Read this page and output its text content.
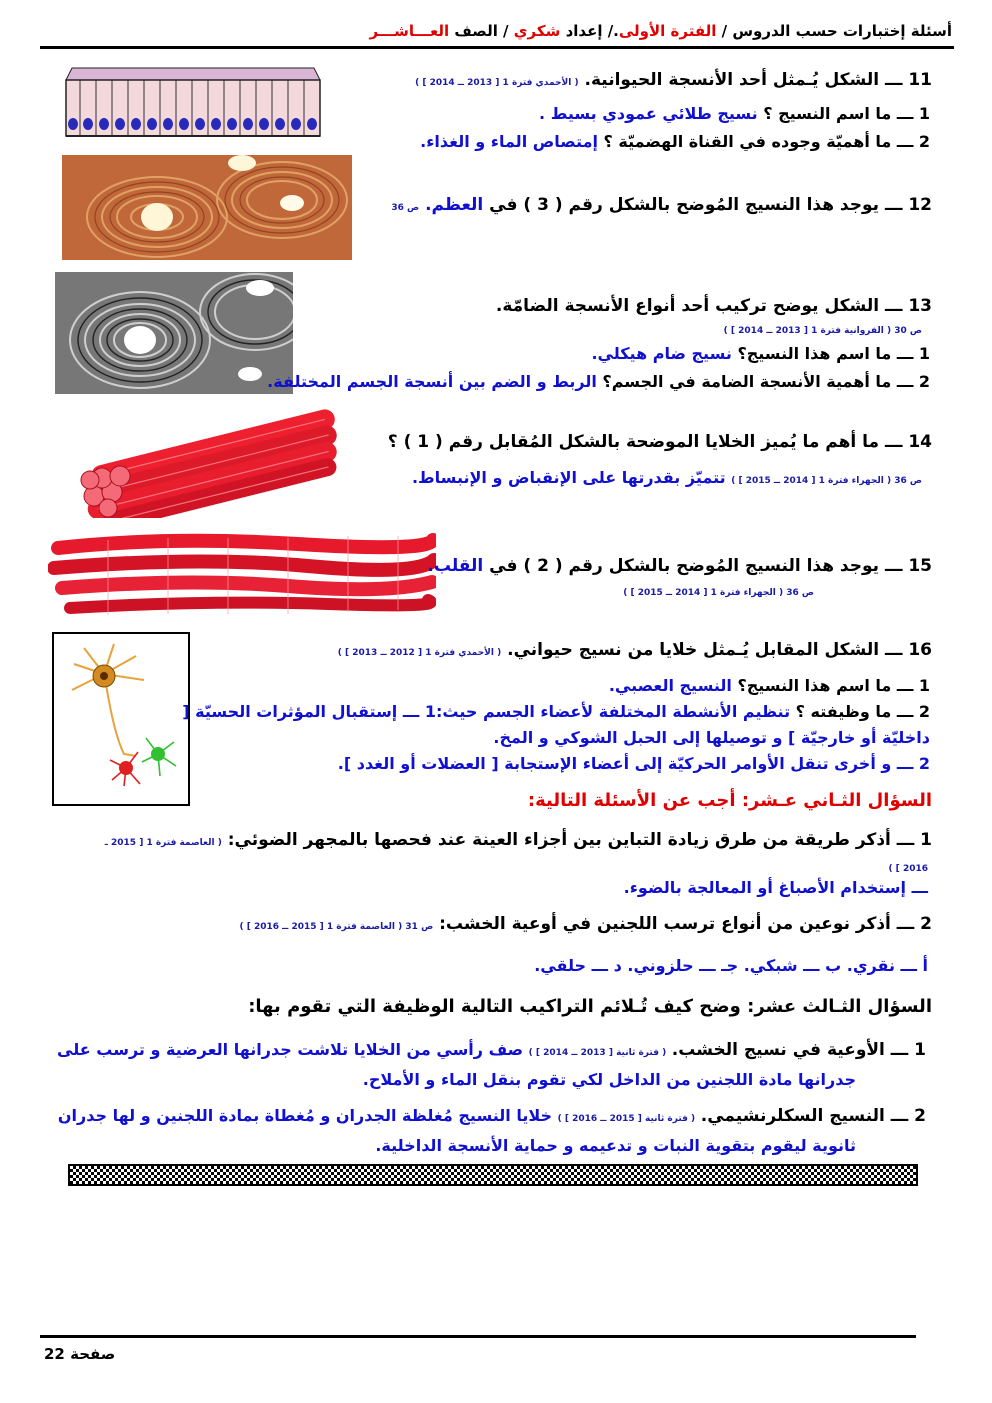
أسئلة إختبارات حسب الدروس / الفترة الأولى./ إعداد شكري / الصف العـــاشـــر
11 ـــ الشكل يُـمثل أحد الأنسجة الحيوانية. ( الأحمدي فترة 1 [ 2013 ــ 2014 ] )
1 ـــ ما اسم النسيج ؟ نسيج طلائي عمودي بسيط .
2 ـــ ما أهميّة وجوده في القناة الهضميّة ؟ إمتصاص الماء و الغذاء.
12 ـــ يوجد هذا النسيج المُوضح بالشكل رقم ( 3 ) في العظم. ص 36
13 ـــ الشكل يوضح تركيب أحد أنواع الأنسجة الضامّة.
ص 30 ( الفروانية فترة 1 [ 2013 ــ 2014 ] )
1 ـــ ما اسم هذا النسيج؟ نسيج ضام هيكلي.
2 ـــ ما أهمية الأنسجة الضامة في الجسم؟ الربط و الضم بين أنسجة الجسم المختلفة.
14 ـــ ما أهم ما يُميز الخلايا الموضحة بالشكل المُقابل رقم ( 1 ) ؟
ص 36 ( الجهراء فترة 1 [ 2014 ــ 2015 ] ) تتميّز بقدرتها على الإنقباض و الإنبساط.
15 ـــ يوجد هذا النسيج المُوضح بالشكل رقم ( 2 ) في القلب.
ص 36 ( الجهراء فترة 1 [ 2014 ــ 2015 ] )
16 ـــ الشكل المقابل يُـمثل خلايا من نسيج حيواني. ( الأحمدي فترة 1 [ 2012 ــ 2013 ] )
1 ـــ ما اسم هذا النسيج؟ النسيج العصبي.
2 ـــ ما وظيفته ؟ تنظيم الأنشطة المختلفة لأعضاء الجسم حيث:1 ـــ إستقبال المؤثرات الحسيّة [
داخليّة أو خارجيّة ] و توصيلها إلى الحبل الشوكي و المخ.
2 ـــ و أخرى تنقل الأوامر الحركيّة إلى أعضاء الإستجابة [ العضلات أو الغدد ].
السؤال الثـاني عـشر: أجب عن الأسئلة التالية:
1 ـــ أذكر طريقة من طرق زيادة التباين بين أجزاء العينة عند فحصها بالمجهر الضوئي: ( العاصمة فترة 1 [ 2015 ـ
2016 ] )
ـــ إستخدام الأصباغ أو المعالجة بالضوء.
2 ـــ أذكر نوعين من أنواع ترسب اللجنين في أوعية الخشب: ص 31 ( العاصمة فترة 1 [ 2015 ــ 2016 ] )
أ ـــ نقري. ب ـــ شبكي. جـ ـــ حلزوني. د ـــ حلقي.
السؤال الثـالث عشر: وضح كيف تُـلائم التراكيب التالية الوظيفة التي تقوم بها:
1 ـــ الأوعية في نسيج الخشب. ( فترة ثانية [ 2013 ــ 2014 ] ) صف رأسي من الخلايا تلاشت جدرانها العرضية و ترسب على
جدرانها مادة اللجنين من الداخل لكي تقوم بنقل الماء و الأملاح.
2 ـــ النسيج السكلرنشيمي. ( فترة ثانية [ 2015 ــ 2016 ] ) خلايا النسيج مُغلظة الجدران و مُغطاة بمادة اللجنين و لها جدران
ثانوية ليقوم بتقوية النبات و تدعيمه و حماية الأنسجة الداخلية.
صفحة 22
